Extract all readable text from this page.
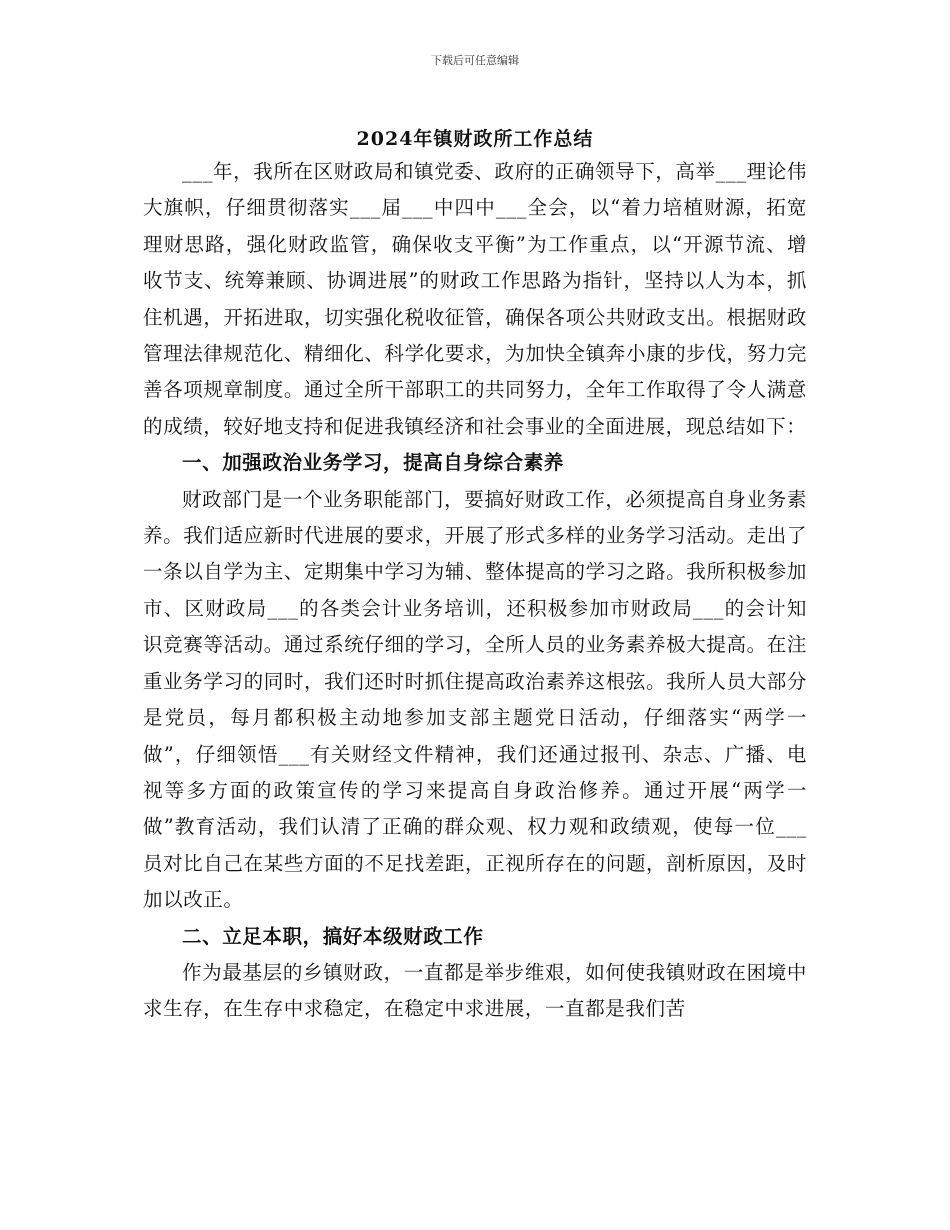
下载后可任意编辑
2024年镇财政所工作总结

___年，我所在区财政局和镇党委、政府的正确领导下，高举___理论伟大旗帜，仔细贯彻落实___届___中四中___全会，以“着力培植财源，拓宽理财思路，强化财政监管，确保收支平衡”为工作重点，以“开源节流、增收节支、统筹兼顾、协调进展”的财政工作思路为指针，坚持以人为本，抓住机遇，开拓进取，切实强化税收征管，确保各项公共财政支出。根据财政管理法律规范化、精细化、科学化要求，为加快全镇奔小康的步伐，努力完善各项规章制度。通过全所干部职工的共同努力，全年工作取得了令人满意的成绩，较好地支持和促进我镇经济和社会事业的全面进展，现总结如下：

一、加强政治业务学习，提高自身综合素养

财政部门是一个业务职能部门，要搞好财政工作，必须提高自身业务素养。我们适应新时代进展的要求，开展了形式多样的业务学习活动。走出了一条以自学为主、定期集中学习为辅、整体提高的学习之路。我所积极参加市、区财政局___的各类会计业务培训，还积极参加市财政局___的会计知识竞赛等活动。通过系统仔细的学习，全所人员的业务素养极大提高。在注重业务学习的同时，我们还时时抓住提高政治素养这根弦。我所人员大部分是党员，每月都积极主动地参加支部主题党日活动，仔细落实“两学一做”，仔细领悟___有关财经文件精神，我们还通过报刊、杂志、广播、电视等多方面的政策宣传的学习来提高自身政治修养。通过开展“两学一做”教育活动，我们认清了正确的群众观、权力观和政绩观，使每一位___员对比自己在某些方面的不足找差距，正视所存在的问题，剖析原因，及时加以改正。

二、立足本职，搞好本级财政工作

作为最基层的乡镇财政，一直都是举步维艰，如何使我镇财政在困境中求生存，在生存中求稳定，在稳定中求进展，一直都是我们苦
